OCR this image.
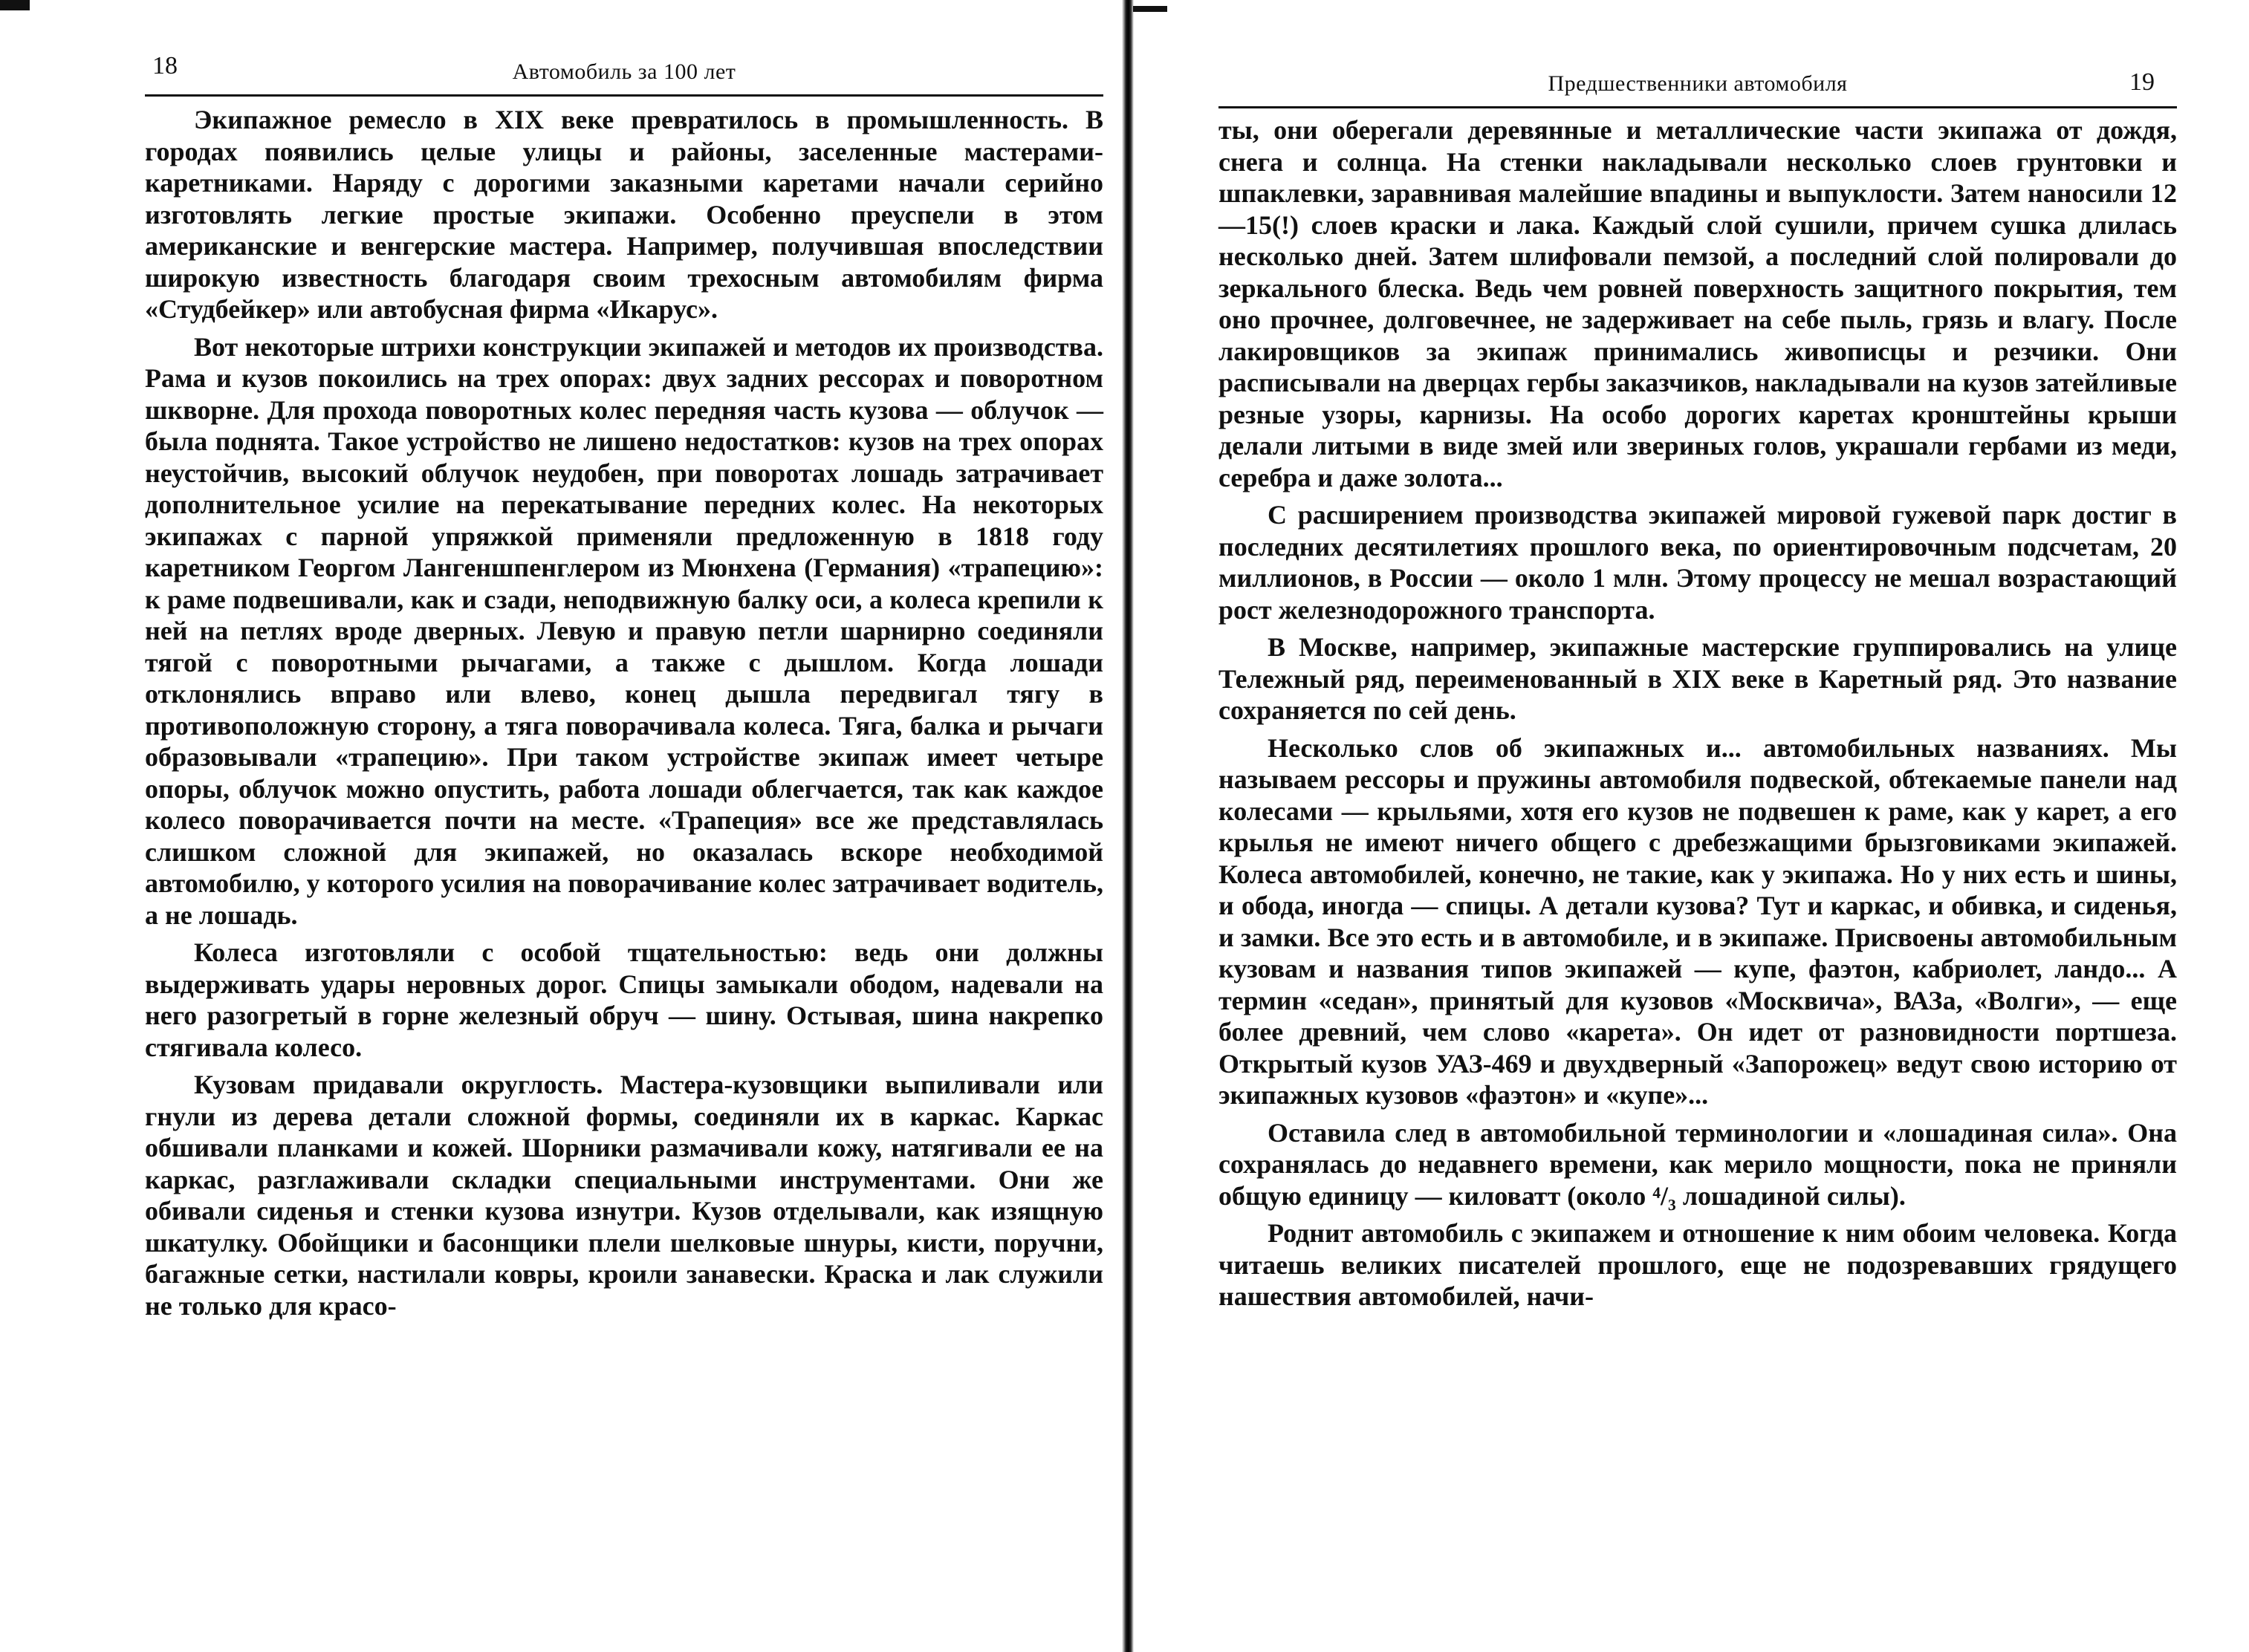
18	Автомобиль за 100 лет

Экипажное ремесло в XIX веке превратилось в промышленность. В городах появились целые улицы и районы, заселенные мастерами-каретниками. Наряду с дорогими заказными каретами начали серийно изготовлять легкие простые экипажи. Особенно преуспели в этом американские и венгерские мастера. Например, получившая впоследствии широкую известность благодаря своим трехосным автомобилям фирма «Студбейкер» или автобусная фирма «Икарус».

Вот некоторые штрихи конструкции экипажей и методов их производства. Рама и кузов покоились на трех опорах: двух задних рессорах и поворотном шкворне. Для прохода поворотных колес передняя часть кузова — облучок — была поднята. Такое устройство не лишено недостатков: кузов на трех опорах неустойчив, высокий облучок неудобен, при поворотах лошадь затрачивает дополнительное усилие на перекатывание передних колес. На некоторых экипажах с парной упряжкой применяли предложенную в 1818 году каретником Георгом Лангеншпенглером из Мюнхена (Германия) «трапецию»: к раме подвешивали, как и сзади, неподвижную балку оси, а колеса крепили к ней на петлях вроде дверных. Левую и правую петли шарнирно соединяли тягой с поворотными рычагами, а также с дышлом. Когда лошади отклонялись вправо или влево, конец дышла передвигал тягу в противоположную сторону, а тяга поворачивала колеса. Тяга, балка и рычаги образовывали «трапецию». При таком устройстве экипаж имеет четыре опоры, облучок можно опустить, работа лошади облегчается, так как каждое колесо поворачивается почти на месте. «Трапеция» все же представлялась слишком сложной для экипажей, но оказалась вскоре необходимой автомобилю, у которого усилия на поворачивание колес затрачивает водитель, а не лошадь.

Колеса изготовляли с особой тщательностью: ведь они должны выдерживать удары неровных дорог. Спицы замыкали ободом, надевали на него разогретый в горне железный обруч — шину. Остывая, шина накрепко стягивала колесо.

Кузовам придавали округлость. Мастера-кузовщики выпиливали или гнули из дерева детали сложной формы, соединяли их в каркас. Каркас обшивали планками и кожей. Шорники размачивали кожу, натягивали ее на каркас, разглаживали складки специальными инструментами. Они же обивали сиденья и стенки кузова изнутри. Кузов отделывали, как изящную шкатулку. Обойщики и басонщики плели шелковые шнуры, кисти, поручни, багажные сетки, настилали ковры, кроили занавески. Краска и лак служили не только для красо-

Предшественники автомобиля	19

ты, они оберегали деревянные и металлические части экипажа от дождя, снега и солнца. На стенки накладывали несколько слоев грунтовки и шпаклевки, заравнивая малейшие впадины и выпуклости. Затем наносили 12—15(!) слоев краски и лака. Каждый слой сушили, причем сушка длилась несколько дней. Затем шлифовали пемзой, а последний слой полировали до зеркального блеска. Ведь чем ровней поверхность защитного покрытия, тем оно прочнее, долговечнее, не задерживает на себе пыль, грязь и влагу. После лакировщиков за экипаж принимались живописцы и резчики. Они расписывали на дверцах гербы заказчиков, накладывали на кузов затейливые резные узоры, карнизы. На особо дорогих каретах кронштейны крыши делали литыми в виде змей или звериных голов, украшали гербами из меди, серебра и даже золота...

С расширением производства экипажей мировой гужевой парк достиг в последних десятилетиях прошлого века, по ориентировочным подсчетам, 20 миллионов, в России — около 1 млн. Этому процессу не мешал возрастающий рост железнодорожного транспорта.

В Москве, например, экипажные мастерские группировались на улице Тележный ряд, переименованный в XIX веке в Каретный ряд. Это название сохраняется по сей день.

Несколько слов об экипажных и... автомобильных названиях. Мы называем рессоры и пружины автомобиля подвеской, обтекаемые панели над колесами — крыльями, хотя его кузов не подвешен к раме, как у карет, а его крылья не имеют ничего общего с дребезжащими брызговиками экипажей. Колеса автомобилей, конечно, не такие, как у экипажа. Но у них есть и шины, и обода, иногда — спицы. А детали кузова? Тут и каркас, и обивка, и сиденья, и замки. Все это есть и в автомобиле, и в экипаже. Присвоены автомобильным кузовам и названия типов экипажей — купе, фаэтон, кабриолет, ландо... А термин «седан», принятый для кузовов «Москвича», ВАЗа, «Волги», — еще более древний, чем слово «карета». Он идет от разновидности портшеза. Открытый кузов УАЗ-469 и двухдверный «Запорожец» ведут свою историю от экипажных кузовов «фаэтон» и «купе»...

Оставила след в автомобильной терминологии и «лошадиная сила». Она сохранялась до недавнего времени, как мерило мощности, пока не приняли общую единицу — киловатт (около ⁴/₃ лошадиной силы).

Роднит автомобиль с экипажем и отношение к ним обоим человека. Когда читаешь великих писателей прошлого, еще не подозревавших грядущего нашествия автомобилей, начи-
